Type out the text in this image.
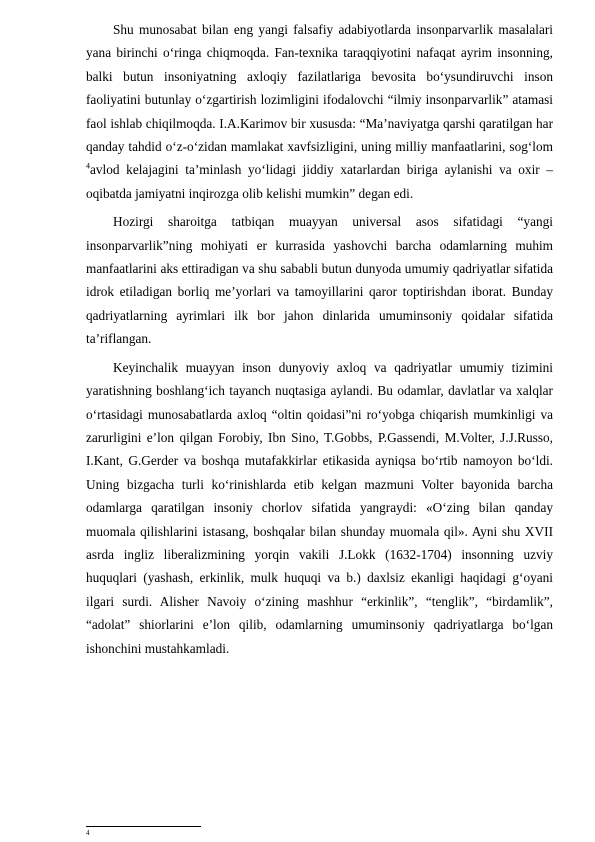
Shu munosabat bilan eng yangi falsafiy adabiyotlarda insonparvarlik masalalari yana birinchi o‘ringa chiqmoqda. Fan-texnika taraqqiyotini nafaqat ayrim insonning, balki butun insoniyatning axloqiy fazilatlariga bevosita bo‘ysundiruvchi inson faoliyatini butunlay o‘zgartirish lozimligini ifodalovchi “ilmiy insonparvarlik” atamasi faol ishlab chiqilmoqda. I.A.Karimov bir xususda: “Ma’naviyatga qarshi qaratilgan har qanday tahdid o‘z-o‘zidan mamlakat xavfsizligini, uning milliy manfaatlarini, sog‘lom $^4$avlod kelajagini ta’minlash yo‘lidagi jiddiy xatarlardan biriga aylanishi va oxir – oqibatda jamiyatni inqirozga olib kelishi mumkin” degan edi.

Hozirgi sharoitga tatbiqan muayyan universal asos sifatidagi “yangi insonparvarlik”ning mohiyati er kurrasida yashovchi barcha odamlarning muhim manfaatlarini aks ettiradigan va shu sababli butun dunyoda umumiy qadriyatlar sifatida idrok etiladigan borliq me’yorlari va tamoyillarini qaror toptirishdan iborat. Bunday qadriyatlarning ayrimlari ilk bor jahon dinlarida umuminsoniy qoidalar sifatida ta’riflangan.

Keyinchalik muayyan inson dunyoviy axloq va qadriyatlar umumiy tizimini yaratishning boshlang‘ich tayanch nuqtasiga aylandi. Bu odamlar, davlatlar va xalqlar o‘rtasidagi munosabatlarda axloq “oltin qoidasi”ni ro‘yobga chiqarish mumkinligi va zarurligini e’lon qilgan Forobiy, Ibn Sino, T.Gobbs, P.Gassendi, M.Volter, J.J.Russo, I.Kant, G.Gerder va boshqa mutafakkirlar etikasida ayniqsa bo‘rtib namoyon bo‘ldi. Uning bizgacha turli ko‘rinishlarda etib kelgan mazmuni Volter bayonida barcha odamlarga qaratilgan insoniy chorlov sifatida yangraydi: «O‘zing bilan qanday muomala qilishlarini istasang, boshqalar bilan shunday muomala qil». Ayni shu XVII asrda ingliz liberalizmining yorqin vakili J.Lokk (1632-1704) insonning uzviy huquqlari (yashash, erkinlik, mulk huquqi va b.) daxlsiz ekanligi haqidagi g‘oyani ilgari surdi. Alisher Navoiy o‘zining mashhur “erkinlik”, “tenglik”, “birdamlik”, “adolat” shiorlarini e’lon qilib, odamlarning umuminsoniy qadriyatlarga bo‘lgan ishonchini mustahkamladi.

4
